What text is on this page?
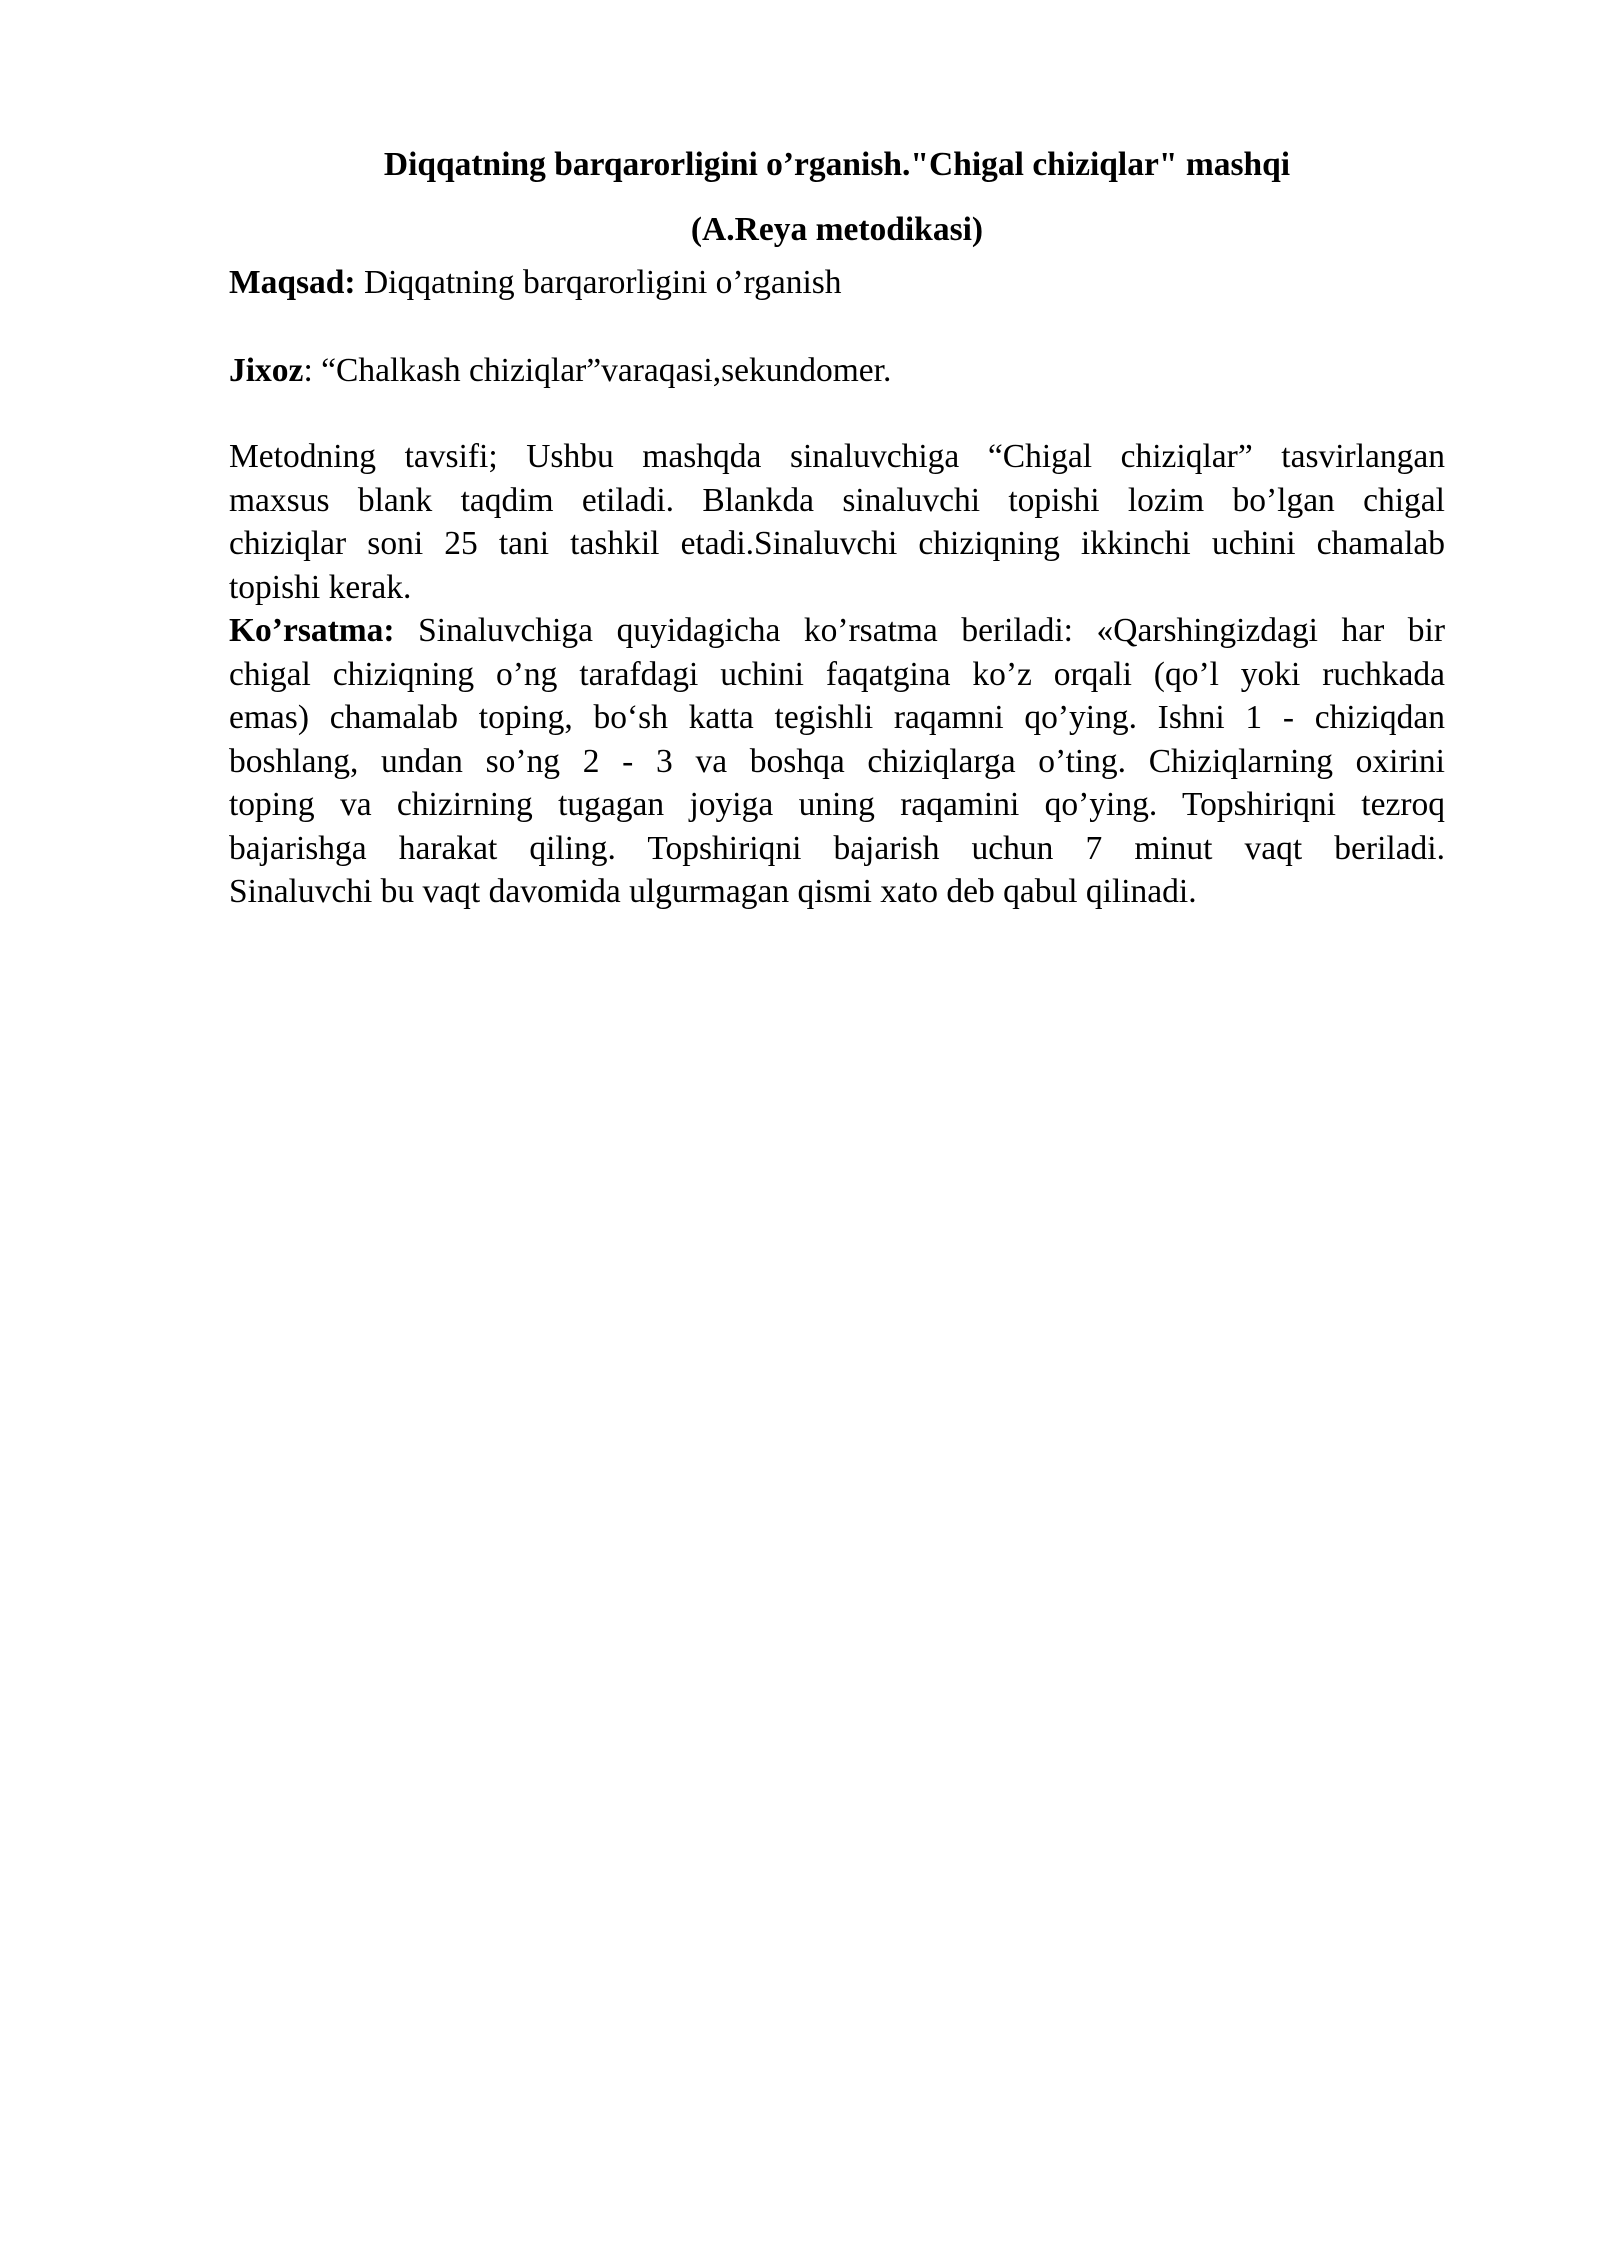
Diqqatning barqarorligini o’rganish."Chigal chiziqlar" mashqi
(A.Reya metodikasi)

Maqsad: Diqqatning barqarorligini o’rganish

Jixoz: “Chalkash chiziqlar”varaqasi,sekundomer.

Metodning tavsifi; Ushbu mashqda sinaluvchiga “Chigal chiziqlar” tasvirlangan
maxsus blank taqdim etiladi. Blankda sinaluvchi topishi lozim bo’lgan chigal
chiziqlar soni 25 tani tashkil etadi.Sinaluvchi chiziqning ikkinchi uchini chamalab
topishi kerak.
Ko’rsatma: Sinaluvchiga quyidagicha ko’rsatma beriladi: «Qarshingizdagi har bir
chigal chiziqning o’ng tarafdagi uchini faqatgina ko’z orqali (qo’l yoki ruchkada
emas) chamalab toping, bo‘sh katta tegishli raqamni qo’ying. Ishni 1 - chiziqdan
boshlang, undan so’ng 2 - 3 va boshqa chiziqlarga o’ting. Chiziqlarning oxirini
toping va chizirning tugagan joyiga uning raqamini qo’ying. Topshiriqni tezroq
bajarishga harakat qiling. Topshiriqni bajarish uchun 7 minut vaqt beriladi.
Sinaluvchi bu vaqt davomida ulgurmagan qismi xato deb qabul qilinadi.
